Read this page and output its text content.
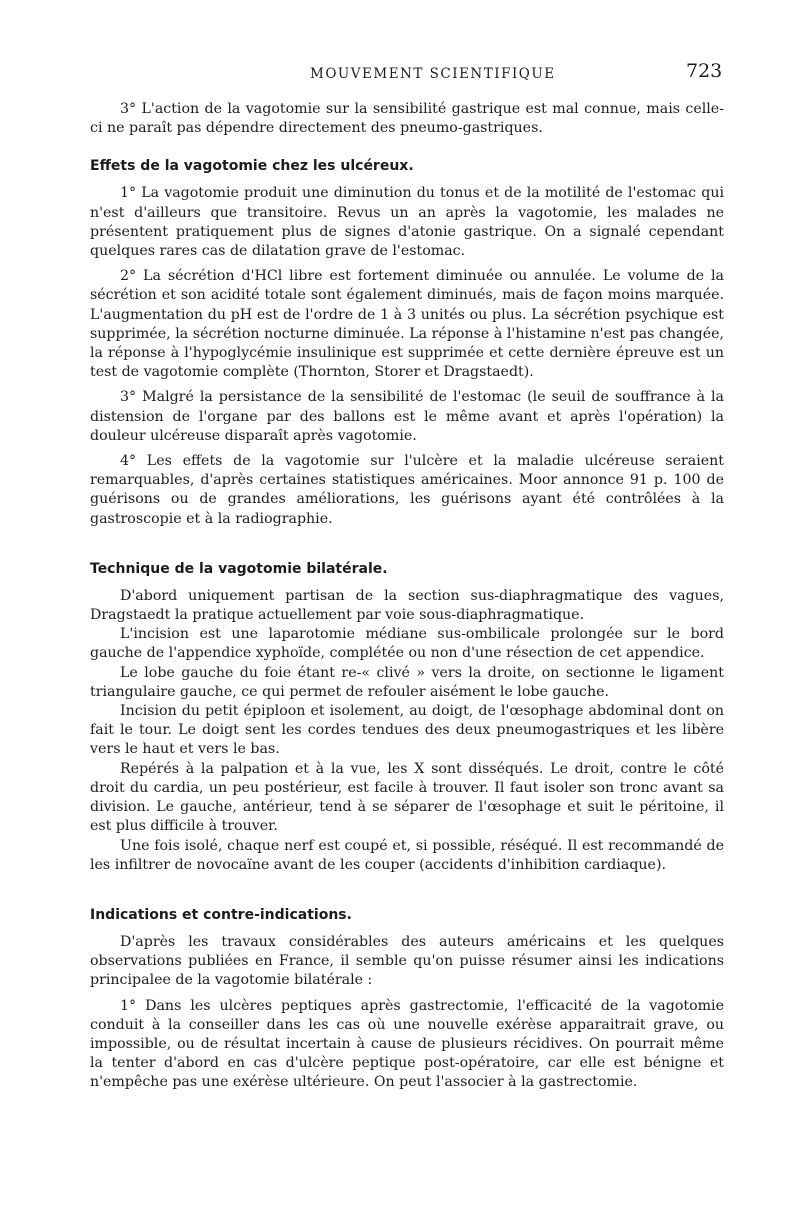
MOUVEMENT SCIENTIFIQUE	723

3° L'action de la vagotomie sur la sensibilité gastrique est mal connue, mais celle-ci ne paraît pas dépendre directement des pneumo-gastriques.

Effets de la vagotomie chez les ulcéreux.

1° La vagotomie produit une diminution du tonus et de la motilité de l'estomac qui n'est d'ailleurs que transitoire. Revus un an après la vagotomie, les malades ne présentent pratiquement plus de signes d'atonie gastrique. On a signalé cependant quelques rares cas de dilatation grave de l'estomac.

2° La sécrétion d'HCl libre est fortement diminuée ou annulée. Le volume de la sécrétion et son acidité totale sont également diminués, mais de façon moins marquée. L'augmentation du pH est de l'ordre de 1 à 3 unités ou plus. La sécrétion psychique est supprimée, la sécrétion nocturne diminuée. La réponse à l'histamine n'est pas changée, la réponse à l'hypoglycémie insulinique est supprimée et cette dernière épreuve est un test de vagotomie complète (Thornton, Storer et Dragstaedt).

3° Malgré la persistance de la sensibilité de l'estomac (le seuil de souffrance à la distension de l'organe par des ballons est le même avant et après l'opération) la douleur ulcéreuse disparaît après vagotomie.

4° Les effets de la vagotomie sur l'ulcère et la maladie ulcéreuse seraient remarquables, d'après certaines statistiques américaines. Moor annonce 91 p. 100 de guérisons ou de grandes améliorations, les guérisons ayant été contrôlées à la gastroscopie et à la radiographie.

Technique de la vagotomie bilatérale.

D'abord uniquement partisan de la section sus-diaphragmatique des vagues, Dragstaedt la pratique actuellement par voie sous-diaphragmatique.

L'incision est une laparotomie médiane sus-ombilicale prolongée sur le bord gauche de l'appendice xyphoïde, complétée ou non d'une résection de cet appendice.

Le lobe gauche du foie étant re-« clivé » vers la droite, on sectionne le ligament triangulaire gauche, ce qui permet de refouler aisément le lobe gauche.

Incision du petit épiploon et isolement, au doigt, de l'œsophage abdominal dont on fait le tour. Le doigt sent les cordes tendues des deux pneumogastriques et les libère vers le haut et vers le bas.

Repérés à la palpation et à la vue, les X sont disséqués. Le droit, contre le côté droit du cardia, un peu postérieur, est facile à trouver. Il faut isoler son tronc avant sa division. Le gauche, antérieur, tend à se séparer de l'œsophage et suit le péritoine, il est plus difficile à trouver.

Une fois isolé, chaque nerf est coupé et, si possible, réséqué. Il est recommandé de les infiltrer de novocaïne avant de les couper (accidents d'inhibition cardiaque).

Indications et contre-indications.

D'après les travaux considérables des auteurs américains et les quelques observations publiées en France, il semble qu'on puisse résumer ainsi les indications principalee de la vagotomie bilatérale :

1° Dans les ulcères peptiques après gastrectomie, l'efficacité de la vagotomie conduit à la conseiller dans les cas où une nouvelle exérèse apparaitrait grave, ou impossible, ou de résultat incertain à cause de plusieurs récidives. On pourrait même la tenter d'abord en cas d'ulcère peptique post-opératoire, car elle est bénigne et n'empêche pas une exérèse ultérieure. On peut l'associer à la gastrectomie.
